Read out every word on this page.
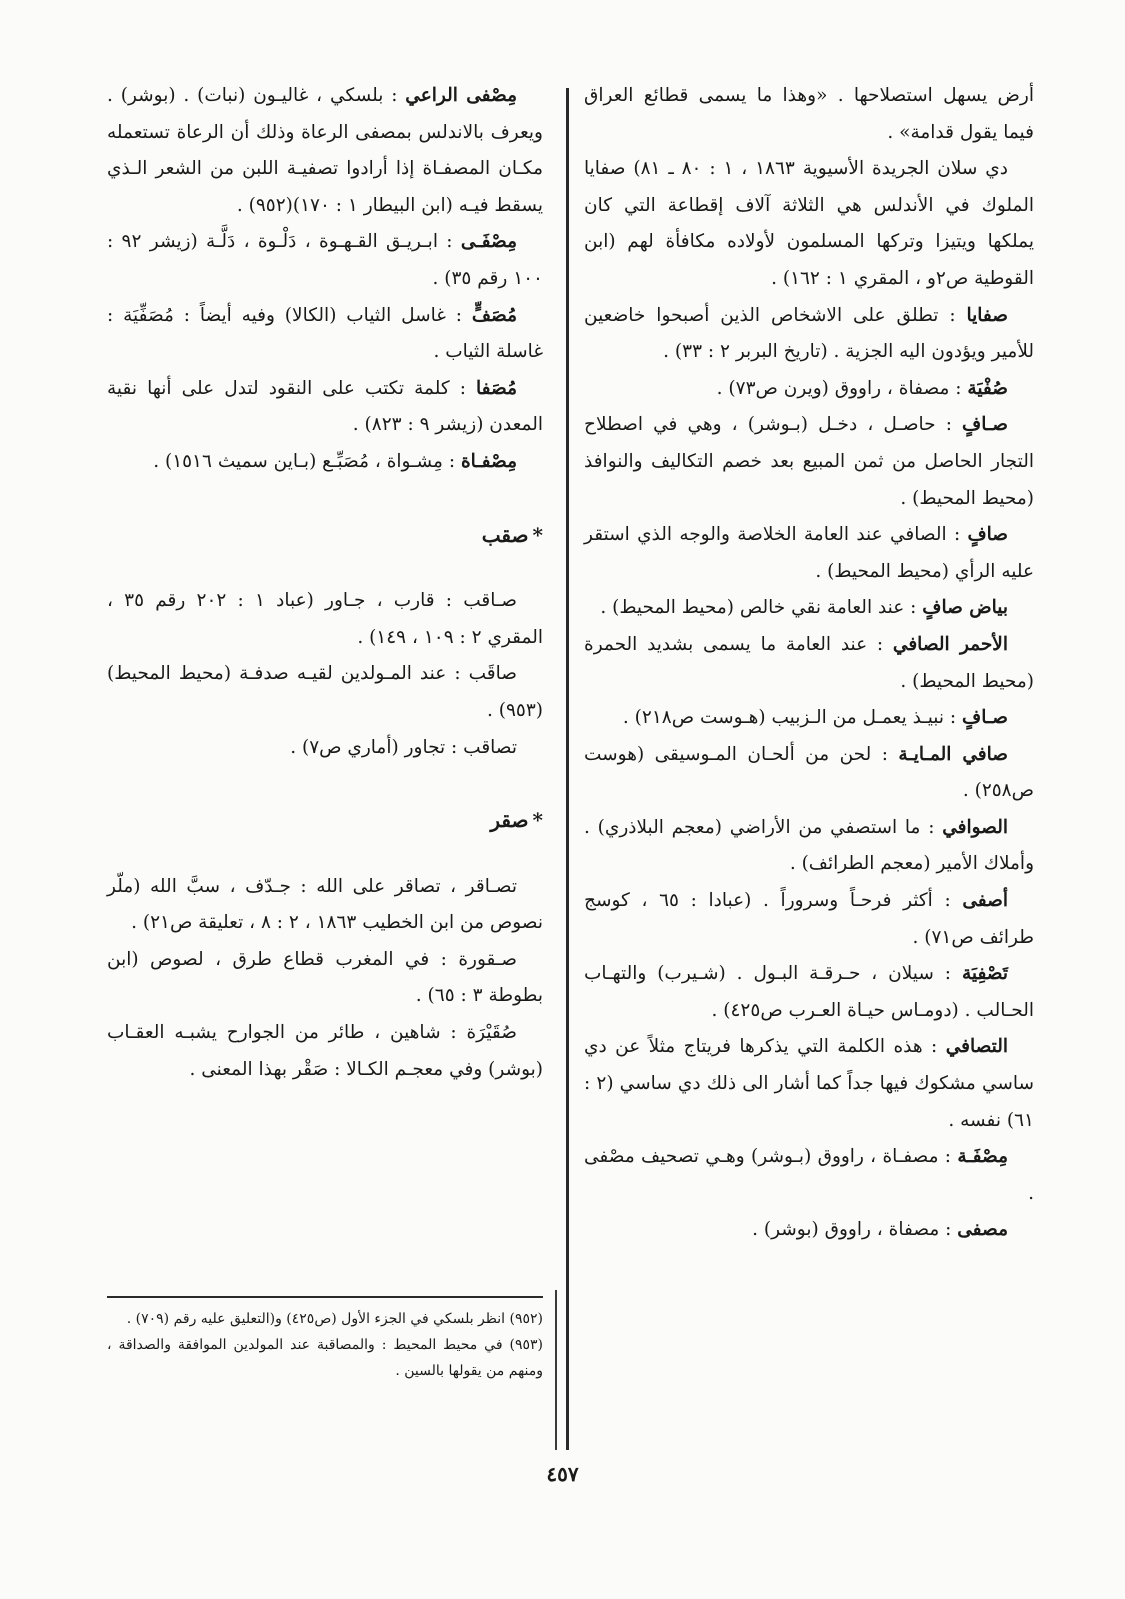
أرض يسهل استصلاحها . «وهذا ما يسمى قطائع العراق فيما يقول قدامة» .

دي سلان الجريدة الأسيوية ١٨٦٣ ، ١ : ٨٠ ـ ٨١) صفايا الملوك في الأندلس هي الثلاثة آلاف إقطاعة التي كان يملكها ويتيزا وتركها المسلمون لأولاده مكافأة لهم (ابن القوطية ص٢و ، المقري ١ : ١٦٢) .

صفايا : تطلق على الاشخاص الذين أصبحوا خاضعين للأمير ويؤدون اليه الجزية . (تاريخ البربر ٢ : ٣٣) .

صُفْيَة : مصفاة ، راووق (ويرن ص٧٣) .

صـافٍ : حاصـل ، دخـل (بـوشر) ، وهي في اصطلاح التجار الحاصل من ثمن المبيع بعد خصم التكاليف والنوافذ (محيط المحيط) .

صافٍ : الصافي عند العامة الخلاصة والوجه الذي استقر عليه الرأي (محيط المحيط) .

بياض صافٍ : عند العامة نقي خالص (محيط المحيط) .

الأحمر الصافي : عند العامة ما يسمى بشديد الحمرة (محيط المحيط) .

صـافٍ : نبيـذ يعمـل من الـزبيب (هـوست ص٢١٨) .

صافي المـايـة : لحن من ألحـان المـوسيقى (هوست ص٢٥٨) .

الصوافي : ما استصفي من الأراضي (معجم البلاذري) . وأملاك الأمير (معجم الطرائف) .

أصفى : أكثر فرحـاً وسروراً . (عبادا : ٦٥ ، كوسج طرائف ص٧١) .

تَصْفِيَة : سيلان ، حـرقـة البـول . (شـيرب) والتهـاب الحـالب . (دومـاس حيـاة العـرب ص٤٢٥) .

التصافي : هذه الكلمة التي يذكرها فريتاج مثلاً عن دي ساسي مشكوك فيها جداً كما أشار الى ذلك دي ساسي (٢ : ٦١) نفسه .

مِصْفَـة : مصفـاة ، راووق (بـوشر) وهـي تصحيف مصْفى .

مصفى : مصفاة ، راووق (بوشر) .

مِصْفى الراعي : بلسكي ، غاليـون (نبات) . (بوشر) . ويعرف بالاندلس بمصفى الرعاة وذلك أن الرعاة تستعمله مكـان المصفـاة إذا أرادوا تصفيـة اللبن من الشعر الـذي يسقط فيـه (ابن البيطار ١ : ١٧٠)(٩٥٢) .

مِصْفَـى : ابـريـق القـهـوة ، دَلْـوة ، دَلَّـة (زيشر ٩٢ : ١٠٠ رقم ٣٥) .

مُصَفٍّ : غاسل الثياب (الكالا) وفيه أيضاً : مُصَفِّيَة : غاسلة الثياب .

مُصَفا : كلمة تكتب على النقود لتدل على أنها نقية المعدن (زيشر ٩ : ٨٢٣) .

مِصْفـاة : مِشـواة ، مُصَبِّـع (بـاين سميث ١٥١٦) .

*صقب

صـاقب : قارب ، جـاور (عباد ١ : ٢٠٢ رقم ٣٥ ، المقري ٢ : ١٠٩ ، ١٤٩) .

صاقَب : عند المـولدين لقيـه صدفـة (محيط المحيط)(٩٥٣) .

تصاقب : تجاور (أماري ص٧) .

*صقر

تصـاقر ، تصاقر على الله : جـدّف ، سبَّ الله (ملّر نصوص من ابن الخطيب ١٨٦٣ ، ٢ : ٨ ، تعليقة ص٢١) .

صـقورة : في المغرب قطاع طرق ، لصوص (ابن بطوطة ٣ : ٦٥) .

صُقَيْرَة : شاهين ، طائر من الجوارح يشبـه العقـاب (بوشر) وفي معجـم الكـالا : صَقْر بهذا المعنى .

(٩٥٢) انظر بلسكي في الجزء الأول (ص٤٢٥) و(التعليق عليه رقم (٧٠٩) .

(٩٥٣) في محيط المحيط : والمصاقبة عند المولدين الموافقة والصداقة ، ومنهم من يقولها بالسين .

٤٥٧
